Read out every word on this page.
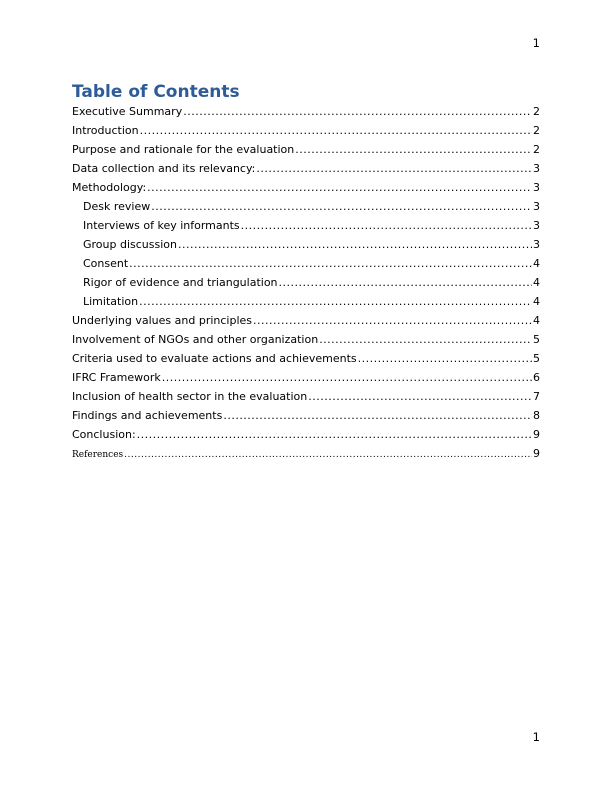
1
Table of Contents
Executive Summary .....	2
Introduction .....	2
Purpose and rationale for the evaluation .....	2
Data collection and its relevancy: .....	3
Methodology: .....	3
Desk review .....	3
Interviews of key informants .....	3
Group discussion .....	3
Consent .....	4
Rigor of evidence and triangulation .....	4
Limitation .....	4
Underlying values and principles .....	4
Involvement of NGOs and other organization .....	5
Criteria used to evaluate actions and achievements .....	5
IFRC Framework .....	6
Inclusion of health sector in the evaluation .....	7
Findings and achievements .....	8
Conclusion: .....	9
References .....	9
1
